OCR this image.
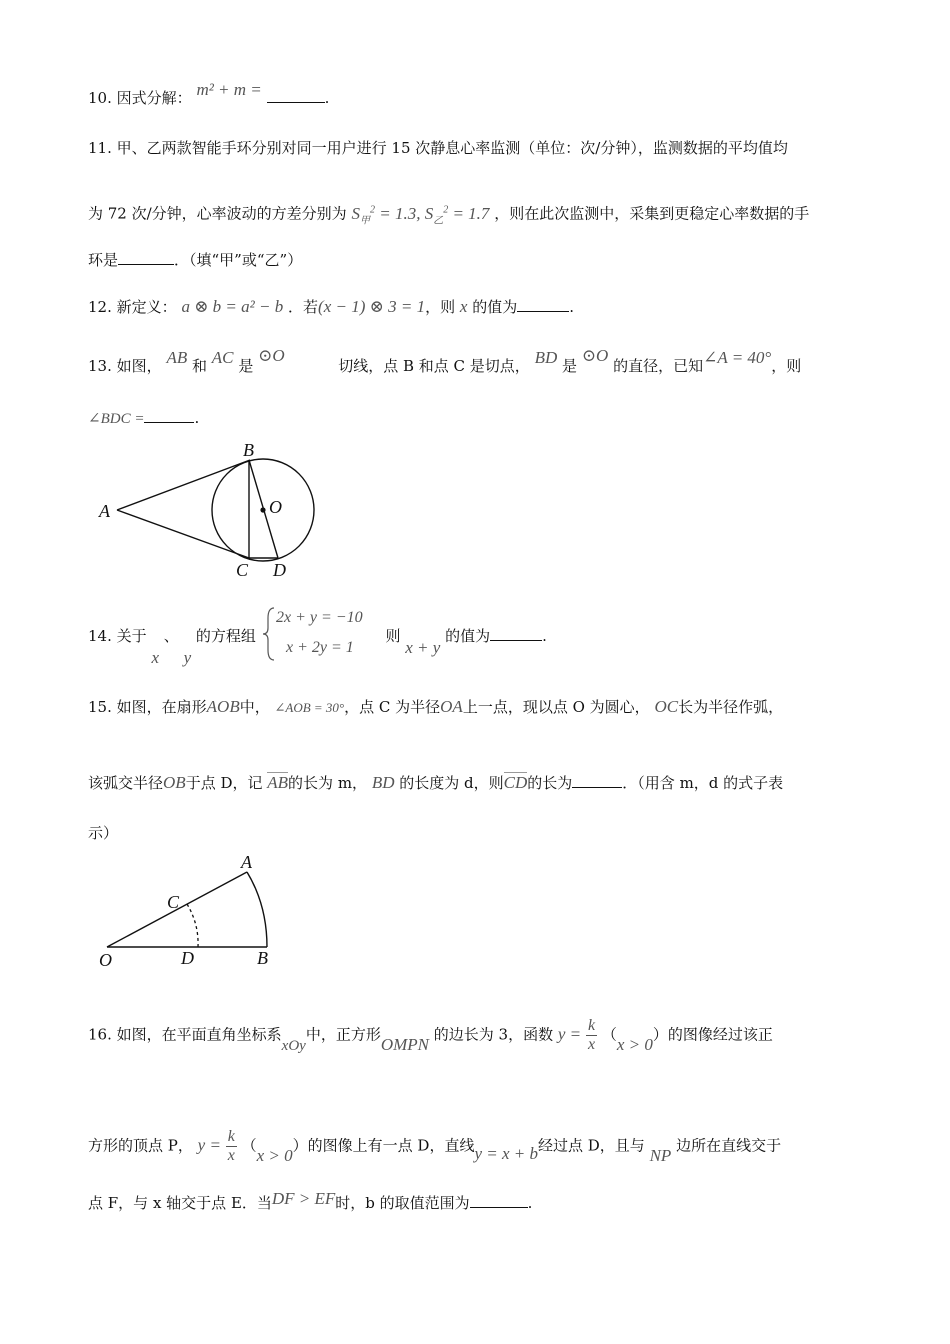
10. 因式分解： m² + m =	.
11. 甲、乙两款智能手环分别对同一用户进行 15 次静息心率监测（单位：次/分钟），监测数据的平均值均
为 72 次/分钟，心率波动的方差分别为 $S_甲^2 = 1.3$, $S_乙^2 = 1.7$ ，则在此次监测中，采集到更稳定心率数据的手
环是	．（填“甲”或“乙”）
12. 新定义： a ⊗ b = a² − b ．若(x − 1) ⊗ 3 = 1，则 x 的值为	.
13. 如图， AB 和 AC 是 ⊙O  切线，点 B 和点 C 是切点， BD 是 ⊙O 的直径，已知∠A = 40°，则
∠BDC =	.
B
A	O
C D
14. 关于 x 、 y 的方程组	则 x + y 的值为	.
2x + y = −10
x + 2y = 1
15. 如图，在扇形AOB中， ∠AOB = 30°，点 C 为半径OA上一点，现以点 O 为圆心， OC长为半径作弧，
该弧交半径OB于点 D，记 AB的长为 m， BD 的长度为 d，则CD的长为	．（用含 m，d 的式子表
示）
A
C
O	D	B
16. 如图，在平面直角坐标系xOy中，正方形OMPN 的边长为 3，函数 $y = \frac{k}{x} (x > 0)$的图像经过该正
方形的顶点 P， $y = \frac{k}{x} (x > 0)$的图像上有一点 D，直线y = x + b经过点 D，且与 NP 边所在直线交于
点 F，与 x 轴交于点 E．当DF > EF时，b 的取值范围为	.
